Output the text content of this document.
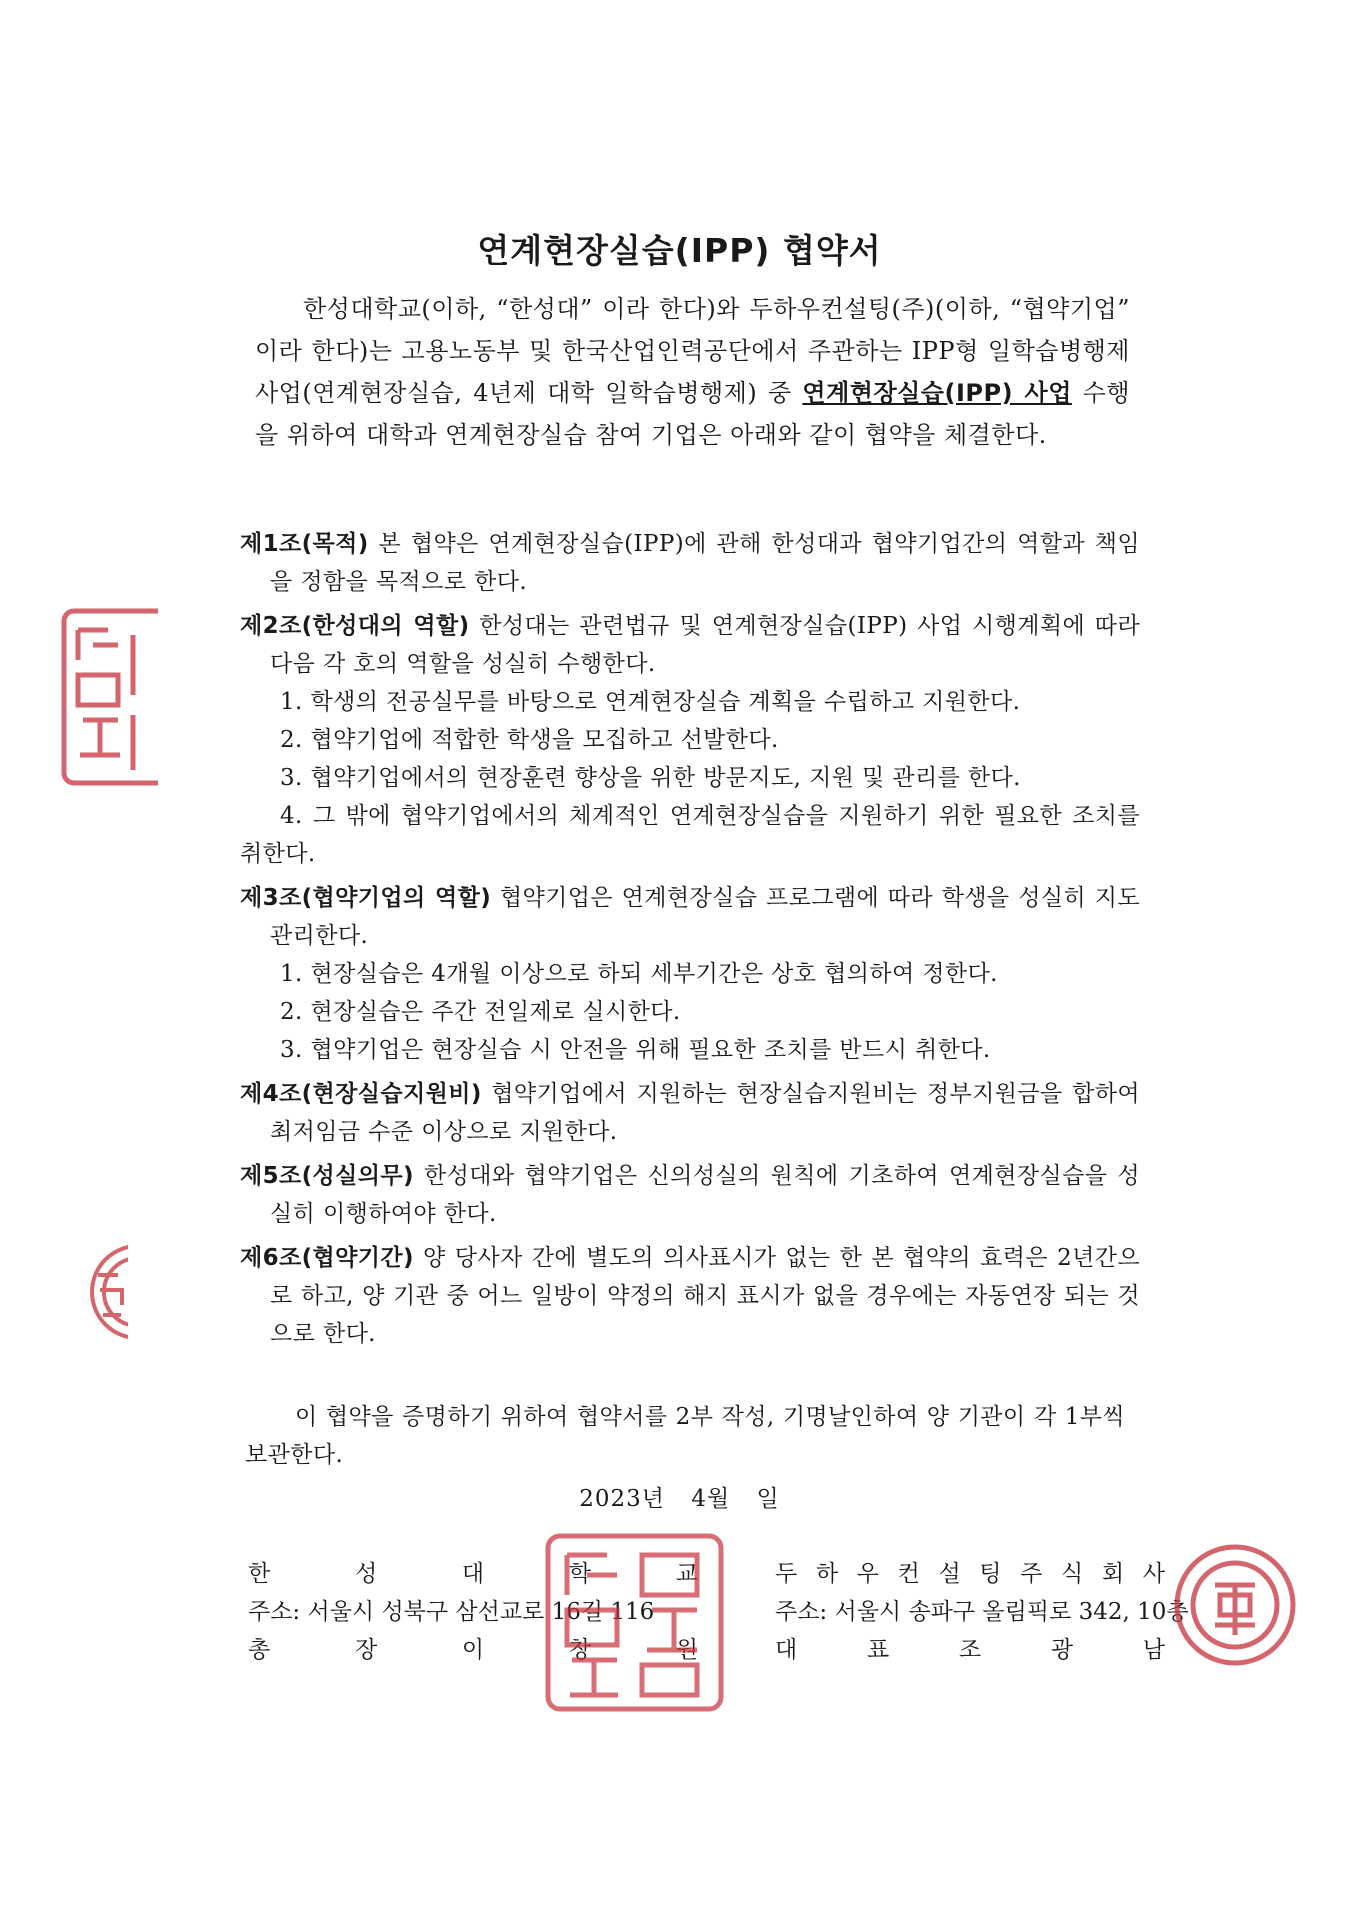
연계현장실습(IPP) 협약서
한성대학교(이하, “한성대” 이라 한다)와 두하우컨설팅(주)(이하, “협약기업” 이라 한다)는 고용노동부 및 한국산업인력공단에서 주관하는 IPP형 일학습병행제 사업(연계현장실습, 4년제 대학 일학습병행제) 중 연계현장실습(IPP) 사업 수행을 위하여 대학과 연계현장실습 참여 기업은 아래와 같이 협약을 체결한다.
제1조(목적) 본 협약은 연계현장실습(IPP)에 관해 한성대과 협약기업간의 역할과 책임을 정함을 목적으로 한다.
제2조(한성대의 역할) 한성대는 관련법규 및 연계현장실습(IPP) 사업 시행계획에 따라 다음 각 호의 역할을 성실히 수행한다.
1. 학생의 전공실무를 바탕으로 연계현장실습 계획을 수립하고 지원한다.
2. 협약기업에 적합한 학생을 모집하고 선발한다.
3. 협약기업에서의 현장훈련 향상을 위한 방문지도, 지원 및 관리를 한다.
4. 그 밖에 협약기업에서의 체계적인 연계현장실습을 지원하기 위한 필요한 조치를 취한다.
제3조(협약기업의 역할) 협약기업은 연계현장실습 프로그램에 따라 학생을 성실히 지도 관리한다.
1. 현장실습은 4개월 이상으로 하되 세부기간은 상호 협의하여 정한다.
2. 현장실습은 주간 전일제로 실시한다.
3. 협약기업은 현장실습 시 안전을 위해 필요한 조치를 반드시 취한다.
제4조(현장실습지원비) 협약기업에서 지원하는 현장실습지원비는 정부지원금을 합하여 최저임금 수준 이상으로 지원한다.
제5조(성실의무) 한성대와 협약기업은 신의성실의 원칙에 기초하여 연계현장실습을 성실히 이행하여야 한다.
제6조(협약기간) 양 당사자 간에 별도의 의사표시가 없는 한 본 협약의 효력은 2년간으로 하고, 양 기관 중 어느 일방이 약정의 해지 표시가 없을 경우에는 자동연장 되는 것으로 한다.
이 협약을 증명하기 위하여 협약서를 2부 작성, 기명날인하여 양 기관이 각 1부씩 보관한다.
2023년 4월 일
한	성	대	학	교
주소: 서울시 성북구 삼선교로 16길 116
총	장	이	창	원
두 하 우 컨 설 팅 주 식 회 사
주소: 서울시 송파구 올림픽로 342, 10층
대	표	조	광	남
